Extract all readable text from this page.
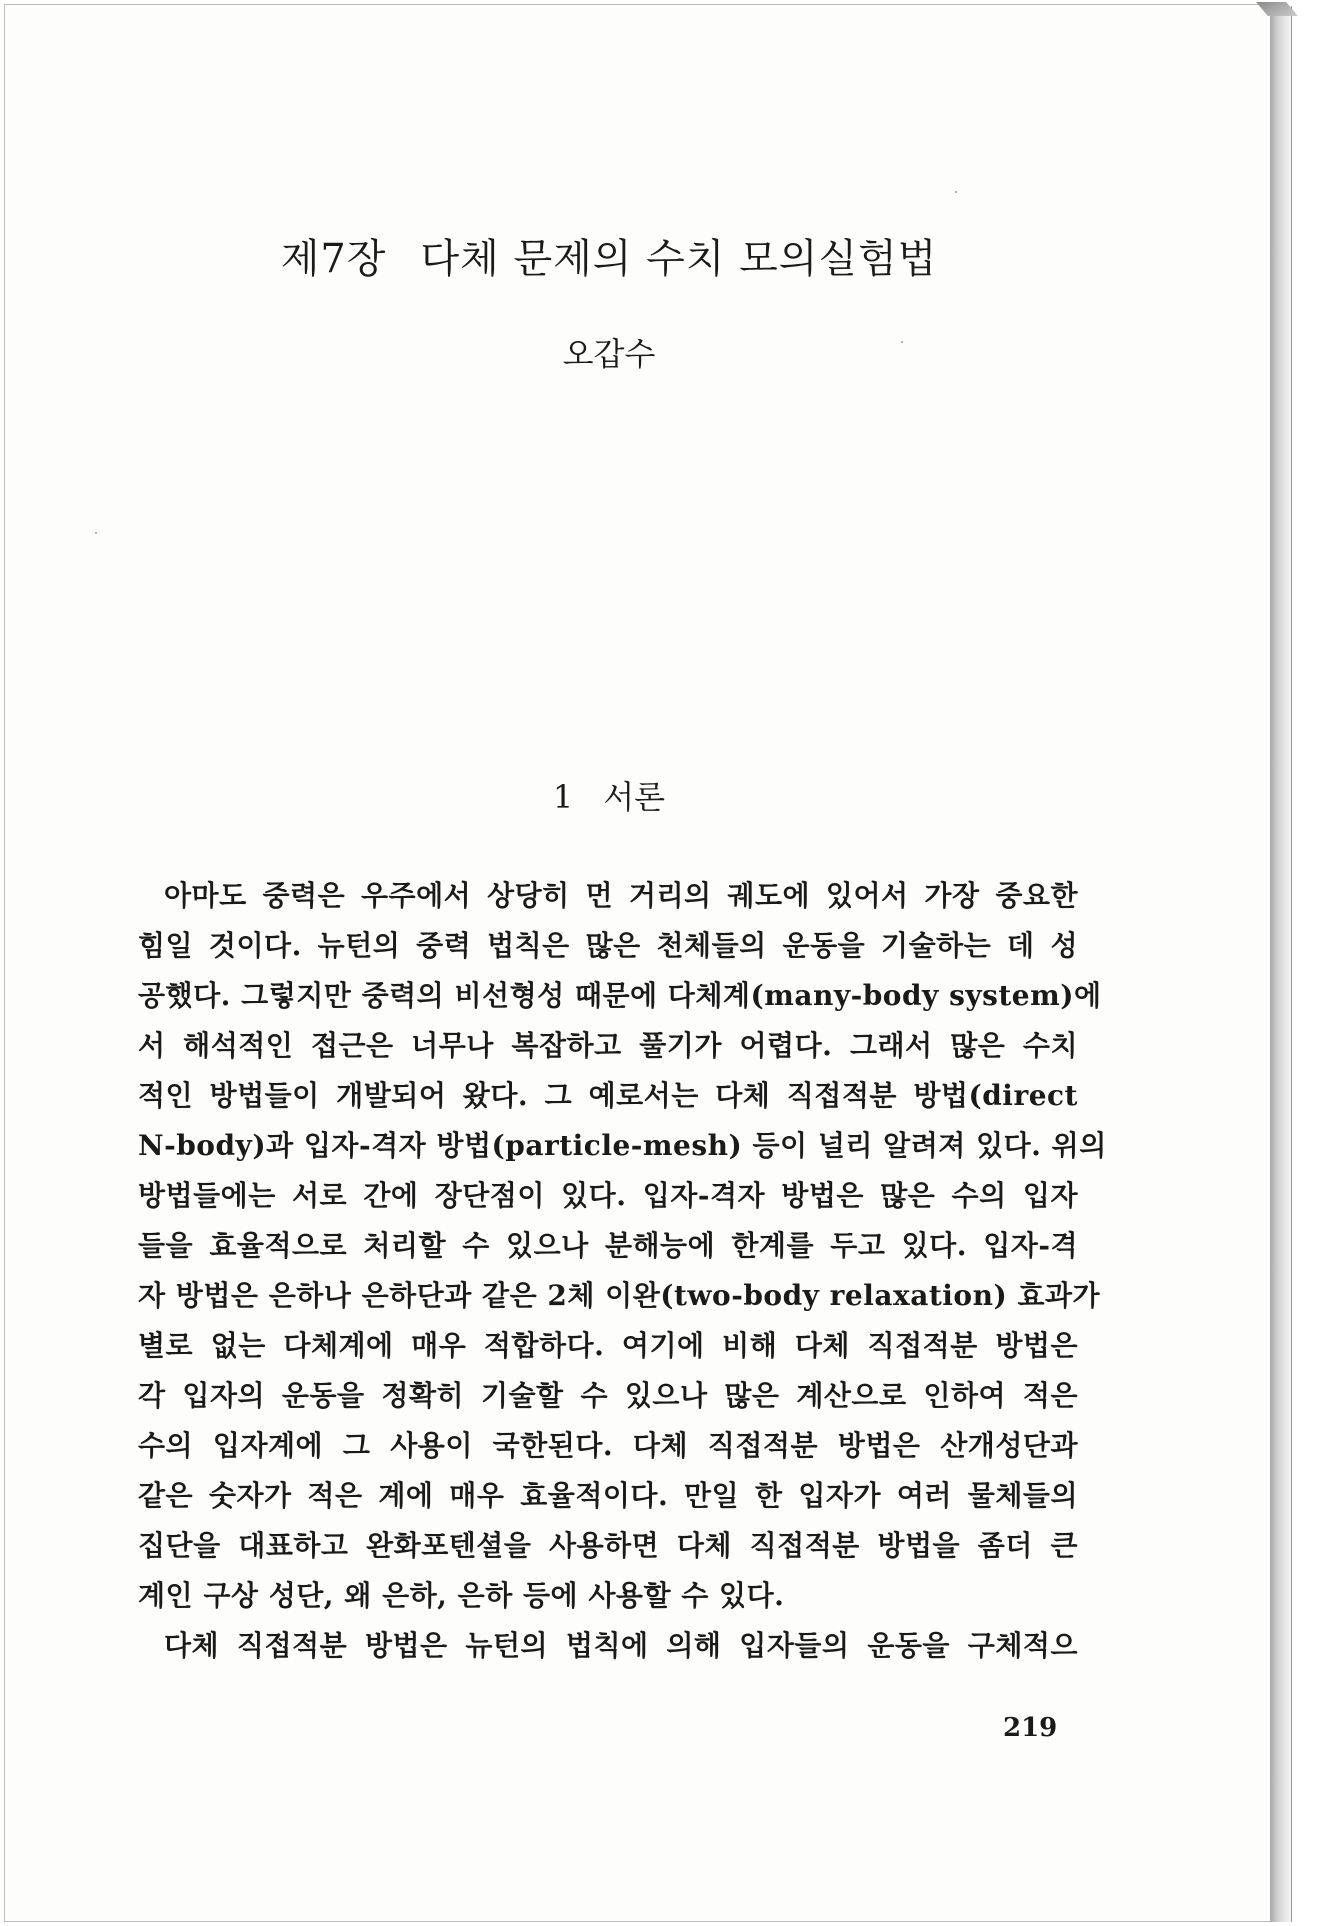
제7장 다체 문제의 수치 모의실험법
오갑수
1 서론
아마도 중력은 우주에서 상당히 먼 거리의 궤도에 있어서 가장 중요한
힘일 것이다. 뉴턴의 중력 법칙은 많은 천체들의 운동을 기술하는 데 성
공했다. 그렇지만 중력의 비선형성 때문에 다체계(many-body system)에
서 해석적인 접근은 너무나 복잡하고 풀기가 어렵다. 그래서 많은 수치
적인 방법들이 개발되어 왔다. 그 예로서는 다체 직접적분 방법(direct
N-body)과 입자-격자 방법(particle-mesh) 등이 널리 알려져 있다. 위의
방법들에는 서로 간에 장단점이 있다. 입자-격자 방법은 많은 수의 입자
들을 효율적으로 처리할 수 있으나 분해능에 한계를 두고 있다. 입자-격
자 방법은 은하나 은하단과 같은 2체 이완(two-body relaxation) 효과가
별로 없는 다체계에 매우 적합하다. 여기에 비해 다체 직접적분 방법은
각 입자의 운동을 정확히 기술할 수 있으나 많은 계산으로 인하여 적은
수의 입자계에 그 사용이 국한된다. 다체 직접적분 방법은 산개성단과
같은 숫자가 적은 계에 매우 효율적이다. 만일 한 입자가 여러 물체들의
집단을 대표하고 완화포텐셜을 사용하면 다체 직접적분 방법을 좀더 큰
계인 구상 성단, 왜 은하, 은하 등에 사용할 수 있다.
다체 직접적분 방법은 뉴턴의 법칙에 의해 입자들의 운동을 구체적으
219
